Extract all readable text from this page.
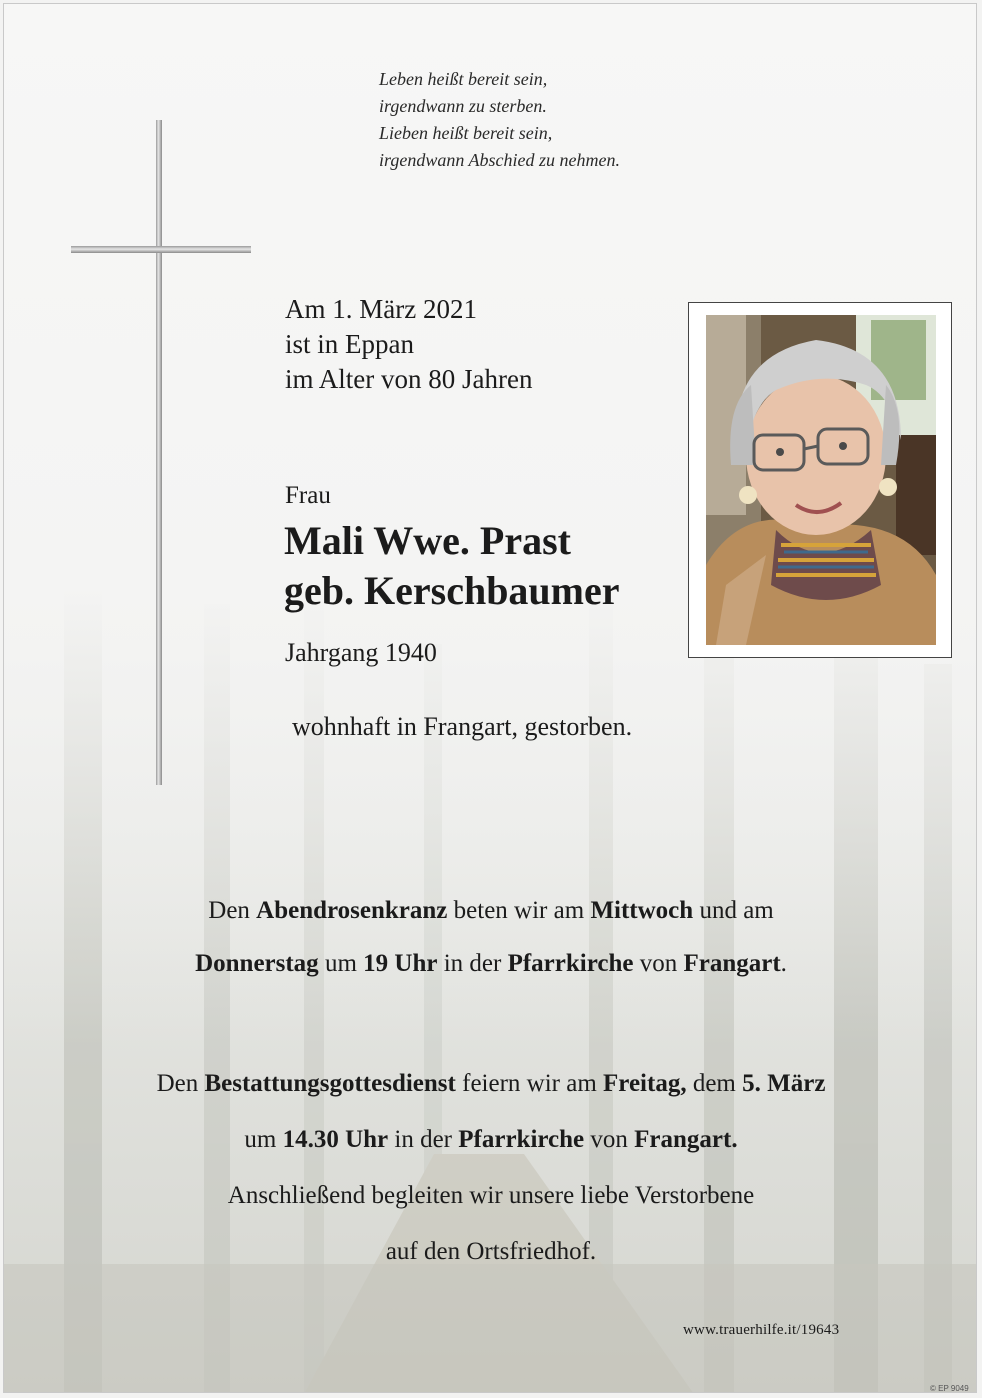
Leben heißt bereit sein,
irgendwann zu sterben.
Lieben heißt bereit sein,
irgendwann Abschied zu nehmen.
Am 1. März 2021
ist in Eppan
im Alter von 80 Jahren
Frau
Mali Wwe. Prast
geb. Kerschbaumer
Jahrgang 1940
wohnhaft in Frangart, gestorben.
Den Abendrosenkranz beten wir am Mittwoch und am
Donnerstag um 19 Uhr in der Pfarrkirche von Frangart.
Den Bestattungsgottesdienst feiern wir am Freitag, dem 5. März
um 14.30 Uhr in der Pfarrkirche von Frangart.
Anschließend begleiten wir unsere liebe Verstorbene
auf den Ortsfriedhof.
www.trauerhilfe.it/19643
© EP 9049
